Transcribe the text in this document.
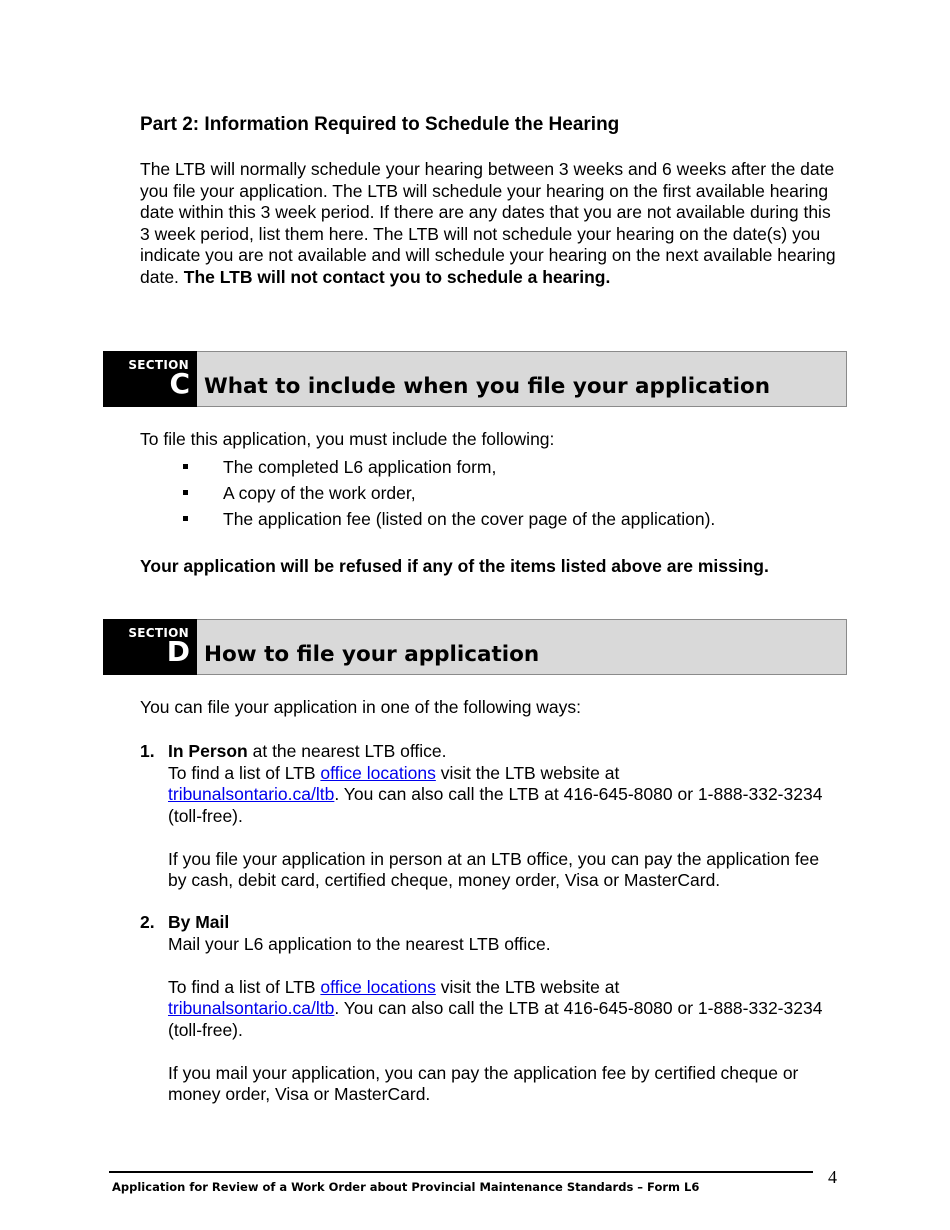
Part 2: Information Required to Schedule the Hearing
The LTB will normally schedule your hearing between 3 weeks and 6 weeks after the date you file your application. The LTB will schedule your hearing on the first available hearing date within this 3 week period. If there are any dates that you are not available during this 3 week period, list them here. The LTB will not schedule your hearing on the date(s) you indicate you are not available and will schedule your hearing on the next available hearing date. The LTB will not contact you to schedule a hearing.
SECTION
C What to include when you file your application
To file this application, you must include the following:
The completed L6 application form,
A copy of the work order,
The application fee (listed on the cover page of the application).
Your application will be refused if any of the items listed above are missing.
SECTION
D How to file your application
You can file your application in one of the following ways:
1. In Person at the nearest LTB office.
To find a list of LTB office locations visit the LTB website at
tribunalsontario.ca/ltb. You can also call the LTB at 416-645-8080 or 1-888-332-3234 (toll-free).
If you file your application in person at an LTB office, you can pay the application fee by cash, debit card, certified cheque, money order, Visa or MasterCard.
2. By Mail
Mail your L6 application to the nearest LTB office.
To find a list of LTB office locations visit the LTB website at
tribunalsontario.ca/ltb. You can also call the LTB at 416-645-8080 or 1-888-332-3234 (toll-free).
If you mail your application, you can pay the application fee by certified cheque or money order, Visa or MasterCard.
Application for Review of a Work Order about Provincial Maintenance Standards – Form L6	4
